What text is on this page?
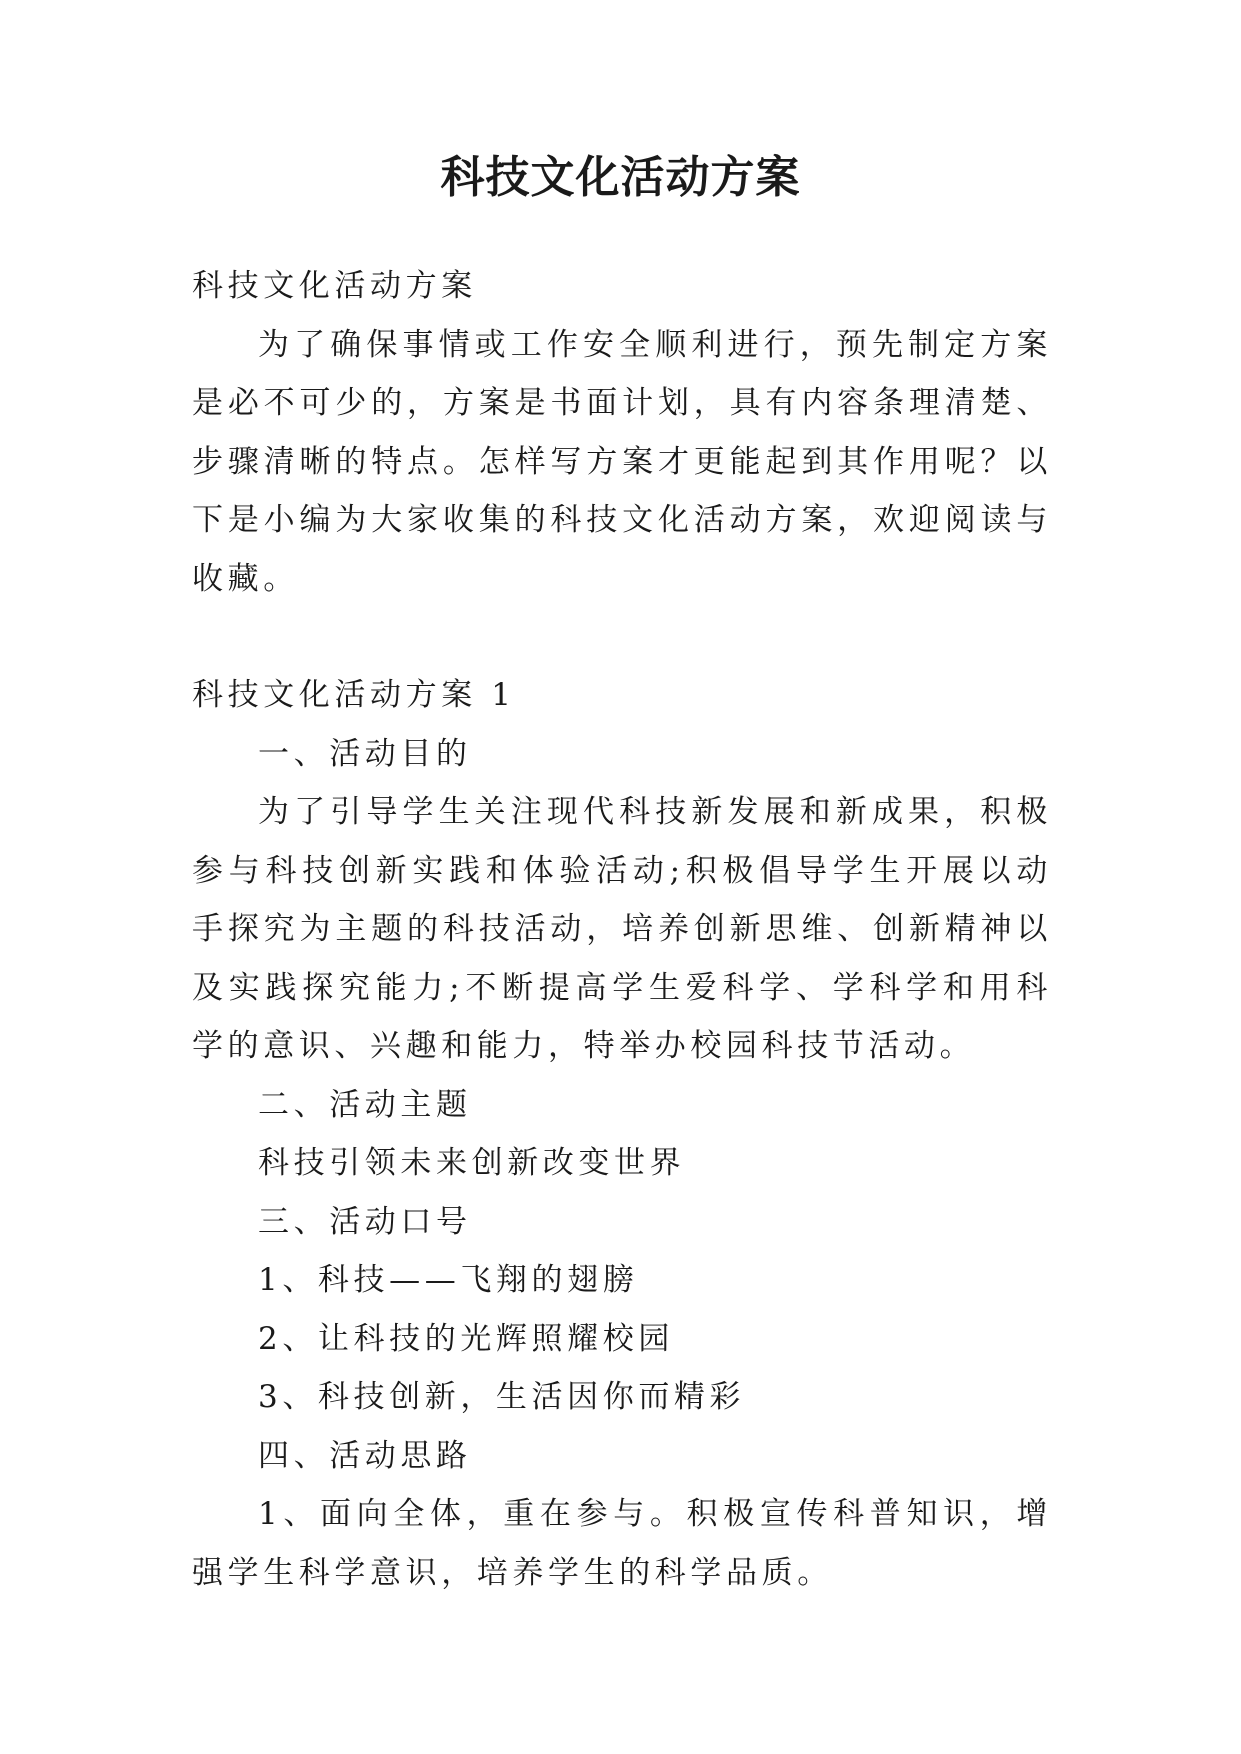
科技文化活动方案

科技文化活动方案

为了确保事情或工作安全顺利进行，预先制定方案是必不可少的，方案是书面计划，具有内容条理清楚、步骤清晰的特点。怎样写方案才更能起到其作用呢？以下是小编为大家收集的科技文化活动方案，欢迎阅读与收藏。

科技文化活动方案 1

一、活动目的

为了引导学生关注现代科技新发展和新成果，积极参与科技创新实践和体验活动;积极倡导学生开展以动手探究为主题的科技活动，培养创新思维、创新精神以及实践探究能力;不断提高学生爱科学、学科学和用科学的意识、兴趣和能力，特举办校园科技节活动。

二、活动主题

科技引领未来创新改变世界

三、活动口号

1、科技——飞翔的翅膀

2、让科技的光辉照耀校园

3、科技创新，生活因你而精彩

四、活动思路

1、面向全体，重在参与。积极宣传科普知识，增强学生科学意识，培养学生的科学品质。
